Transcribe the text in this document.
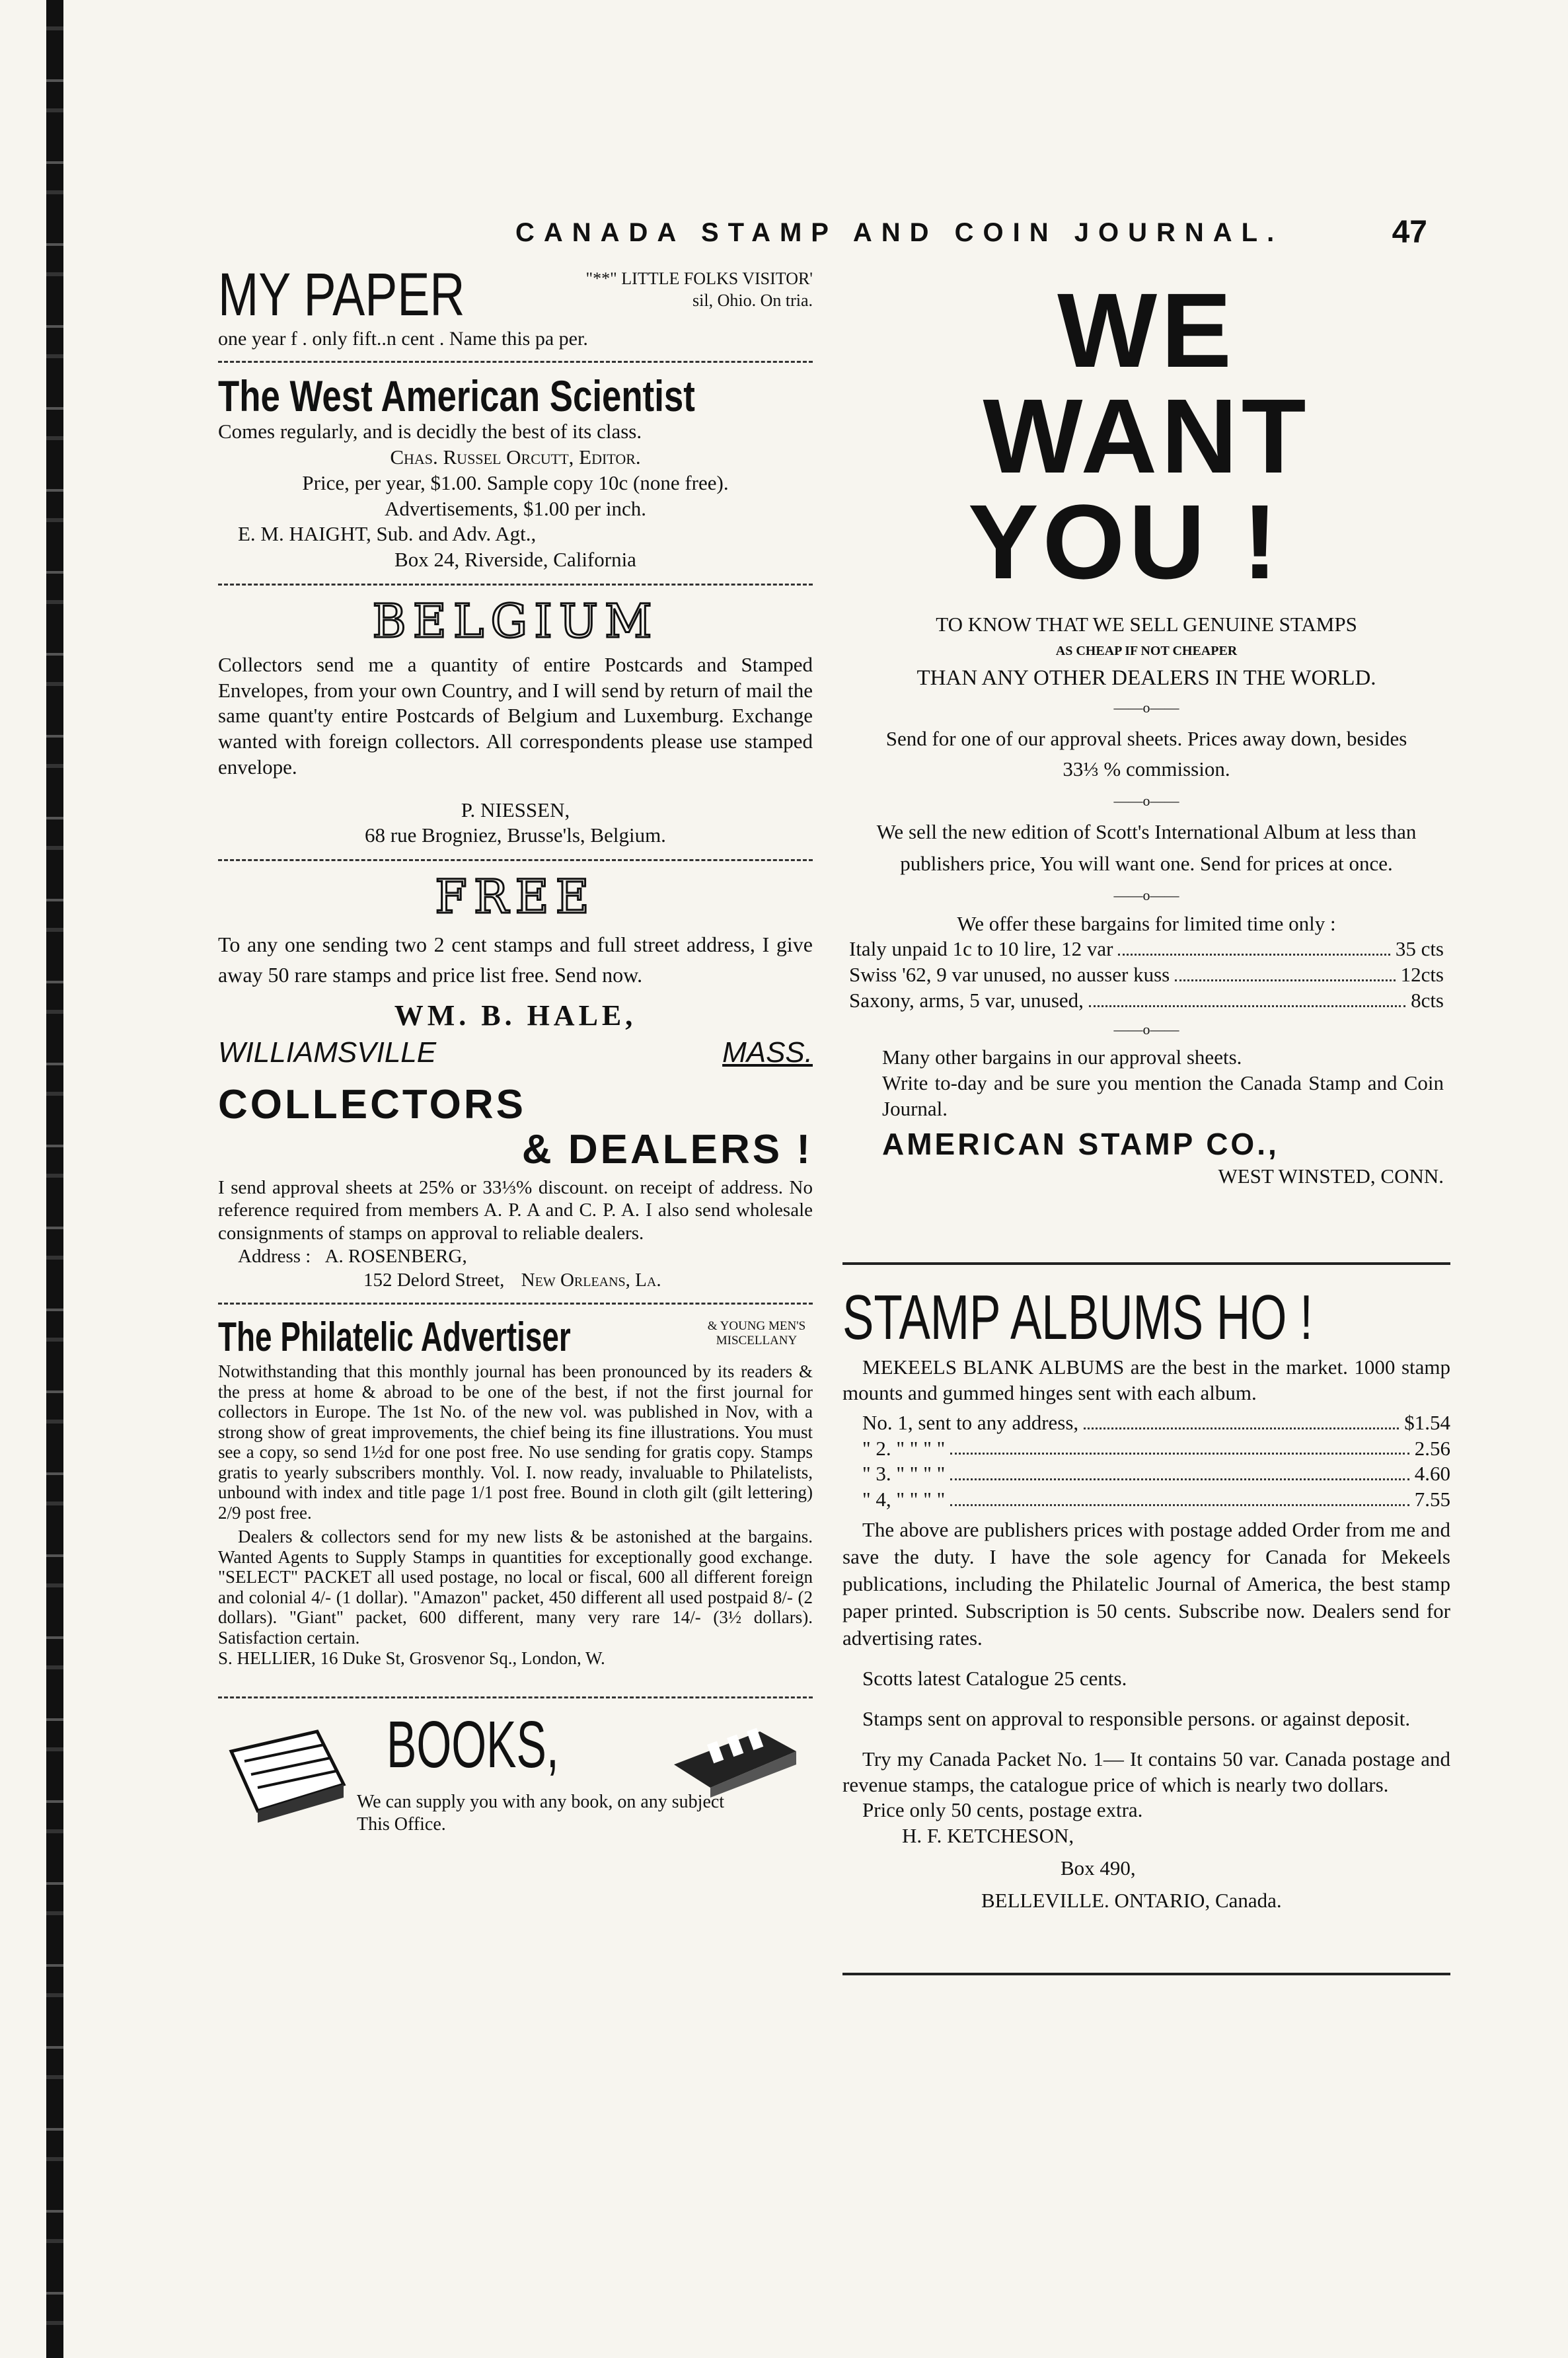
CANADA STAMP AND COIN JOURNAL.	47
MY PAPER	"**" LITTLE FOLKS VISITOR' sil, Ohio. On tria.
one year f . only fift..n cent . Name this pa per.
The West American Scientist

Comes regularly, and is decidly the best of its class.

Chas. Russel Orcutt, Editor.

Price, per year, $1.00. Sample copy 10c (none free).

Advertisements, $1.00 per inch.

E. M. HAIGHT, Sub. and Adv. Agt.,

Box 24, Riverside, California

BELGIUM

Collectors send me a quantity of entire Postcards and Stamped Envelopes, from your own Country, and I will send by return of mail the same quant'ty entire Postcards of Belgium and Luxemburg. Exchange wanted with foreign collectors. All correspondents please use stamped envelope.

P. NIESSEN,

68 rue Brogniez, Brusse'ls, Belgium.

FREE

To any one sending two 2 cent stamps and full street address, I give away 50 rare stamps and price list free. Send now.

WM. B. HALE,

WILLIAMSVILLE	MASS.
COLLECTORS
& DEALERS !

I send approval sheets at 25% or 33⅓% discount. on receipt of address. No reference required from members A. P. A and C. P. A. I also send wholesale consignments of stamps on approval to reliable dealers.

Address : A. ROSENBERG,

152 Delord Street, New Orleans, La.

The Philatelic Advertiser	& YOUNG MEN'S MISCELLANY

Notwithstanding that this monthly journal has been pronounced by its readers & the press at home & abroad to be one of the best, if not the first journal for collectors in Europe. The 1st No. of the new vol. was published in Nov, with a strong show of great improvements, the chief being its fine illustrations. You must see a copy, so send 1½d for one post free. No use sending for gratis copy. Stamps gratis to yearly subscribers monthly. Vol. I. now ready, invaluable to Philatelists, unbound with index and title page 1/1 post free. Bound in cloth gilt (gilt lettering) 2/9 post free.

Dealers & collectors send for my new lists & be astonished at the bargains. Wanted Agents to Supply Stamps in quantities for exceptionally good exchange. "SELECT" PACKET all used postage, no local or fiscal, 600 all different foreign and colonial 4/- (1 dollar). "Amazon" packet, 450 different all used postpaid 8/- (2 dollars). "Giant" packet, 600 different, many very rare 14/- (3½ dollars). Satisfaction certain.

S. HELLIER, 16 Duke St, Grosvenor Sq., London, W.

BOOKS,

We can supply you with any book, on any subject This Office.

WE WANT
YOU !

TO KNOW THAT WE SELL GENUINE STAMPS

AS CHEAP IF NOT CHEAPER

THAN ANY OTHER DEALERS IN THE WORLD.

——o——

Send for one of our approval sheets. Prices away down, besides 33⅓ % commission.

——o——

We sell the new edition of Scott's International Album at less than publishers price, You will want one. Send for prices at once.

——o——

We offer these bargains for limited time only :

Italy unpaid 1c to 10 lire, 12 var	35 cts
Swiss '62, 9 var unused, no ausser kuss	12cts
Saxony, arms, 5 var, unused,	8cts

——o——

Many other bargains in our approval sheets.

Write to-day and be sure you mention the Canada Stamp and Coin Journal.

AMERICAN STAMP CO.,

WEST WINSTED, CONN.

STAMP ALBUMS HO !

MEKEELS BLANK ALBUMS are the best in the market. 1000 stamp mounts and gummed hinges sent with each album.

No. 1, sent to any address,	$1.54
" 2. " " " "	2.56
" 3. " " " "	4.60
" 4, " " " "	7.55

The above are publishers prices with postage added Order from me and save the duty. I have the sole agency for Canada for Mekeels publications, including the Philatelic Journal of America, the best stamp paper printed. Subscription is 50 cents. Subscribe now. Dealers send for advertising rates.

Scotts latest Catalogue 25 cents.

Stamps sent on approval to responsible persons. or against deposit.

Try my Canada Packet No. 1— It contains 50 var. Canada postage and revenue stamps, the catalogue price of which is nearly two dollars.

Price only 50 cents, postage extra.

H. F. KETCHESON,

Box 490,

BELLEVILLE. ONTARIO, Canada.
